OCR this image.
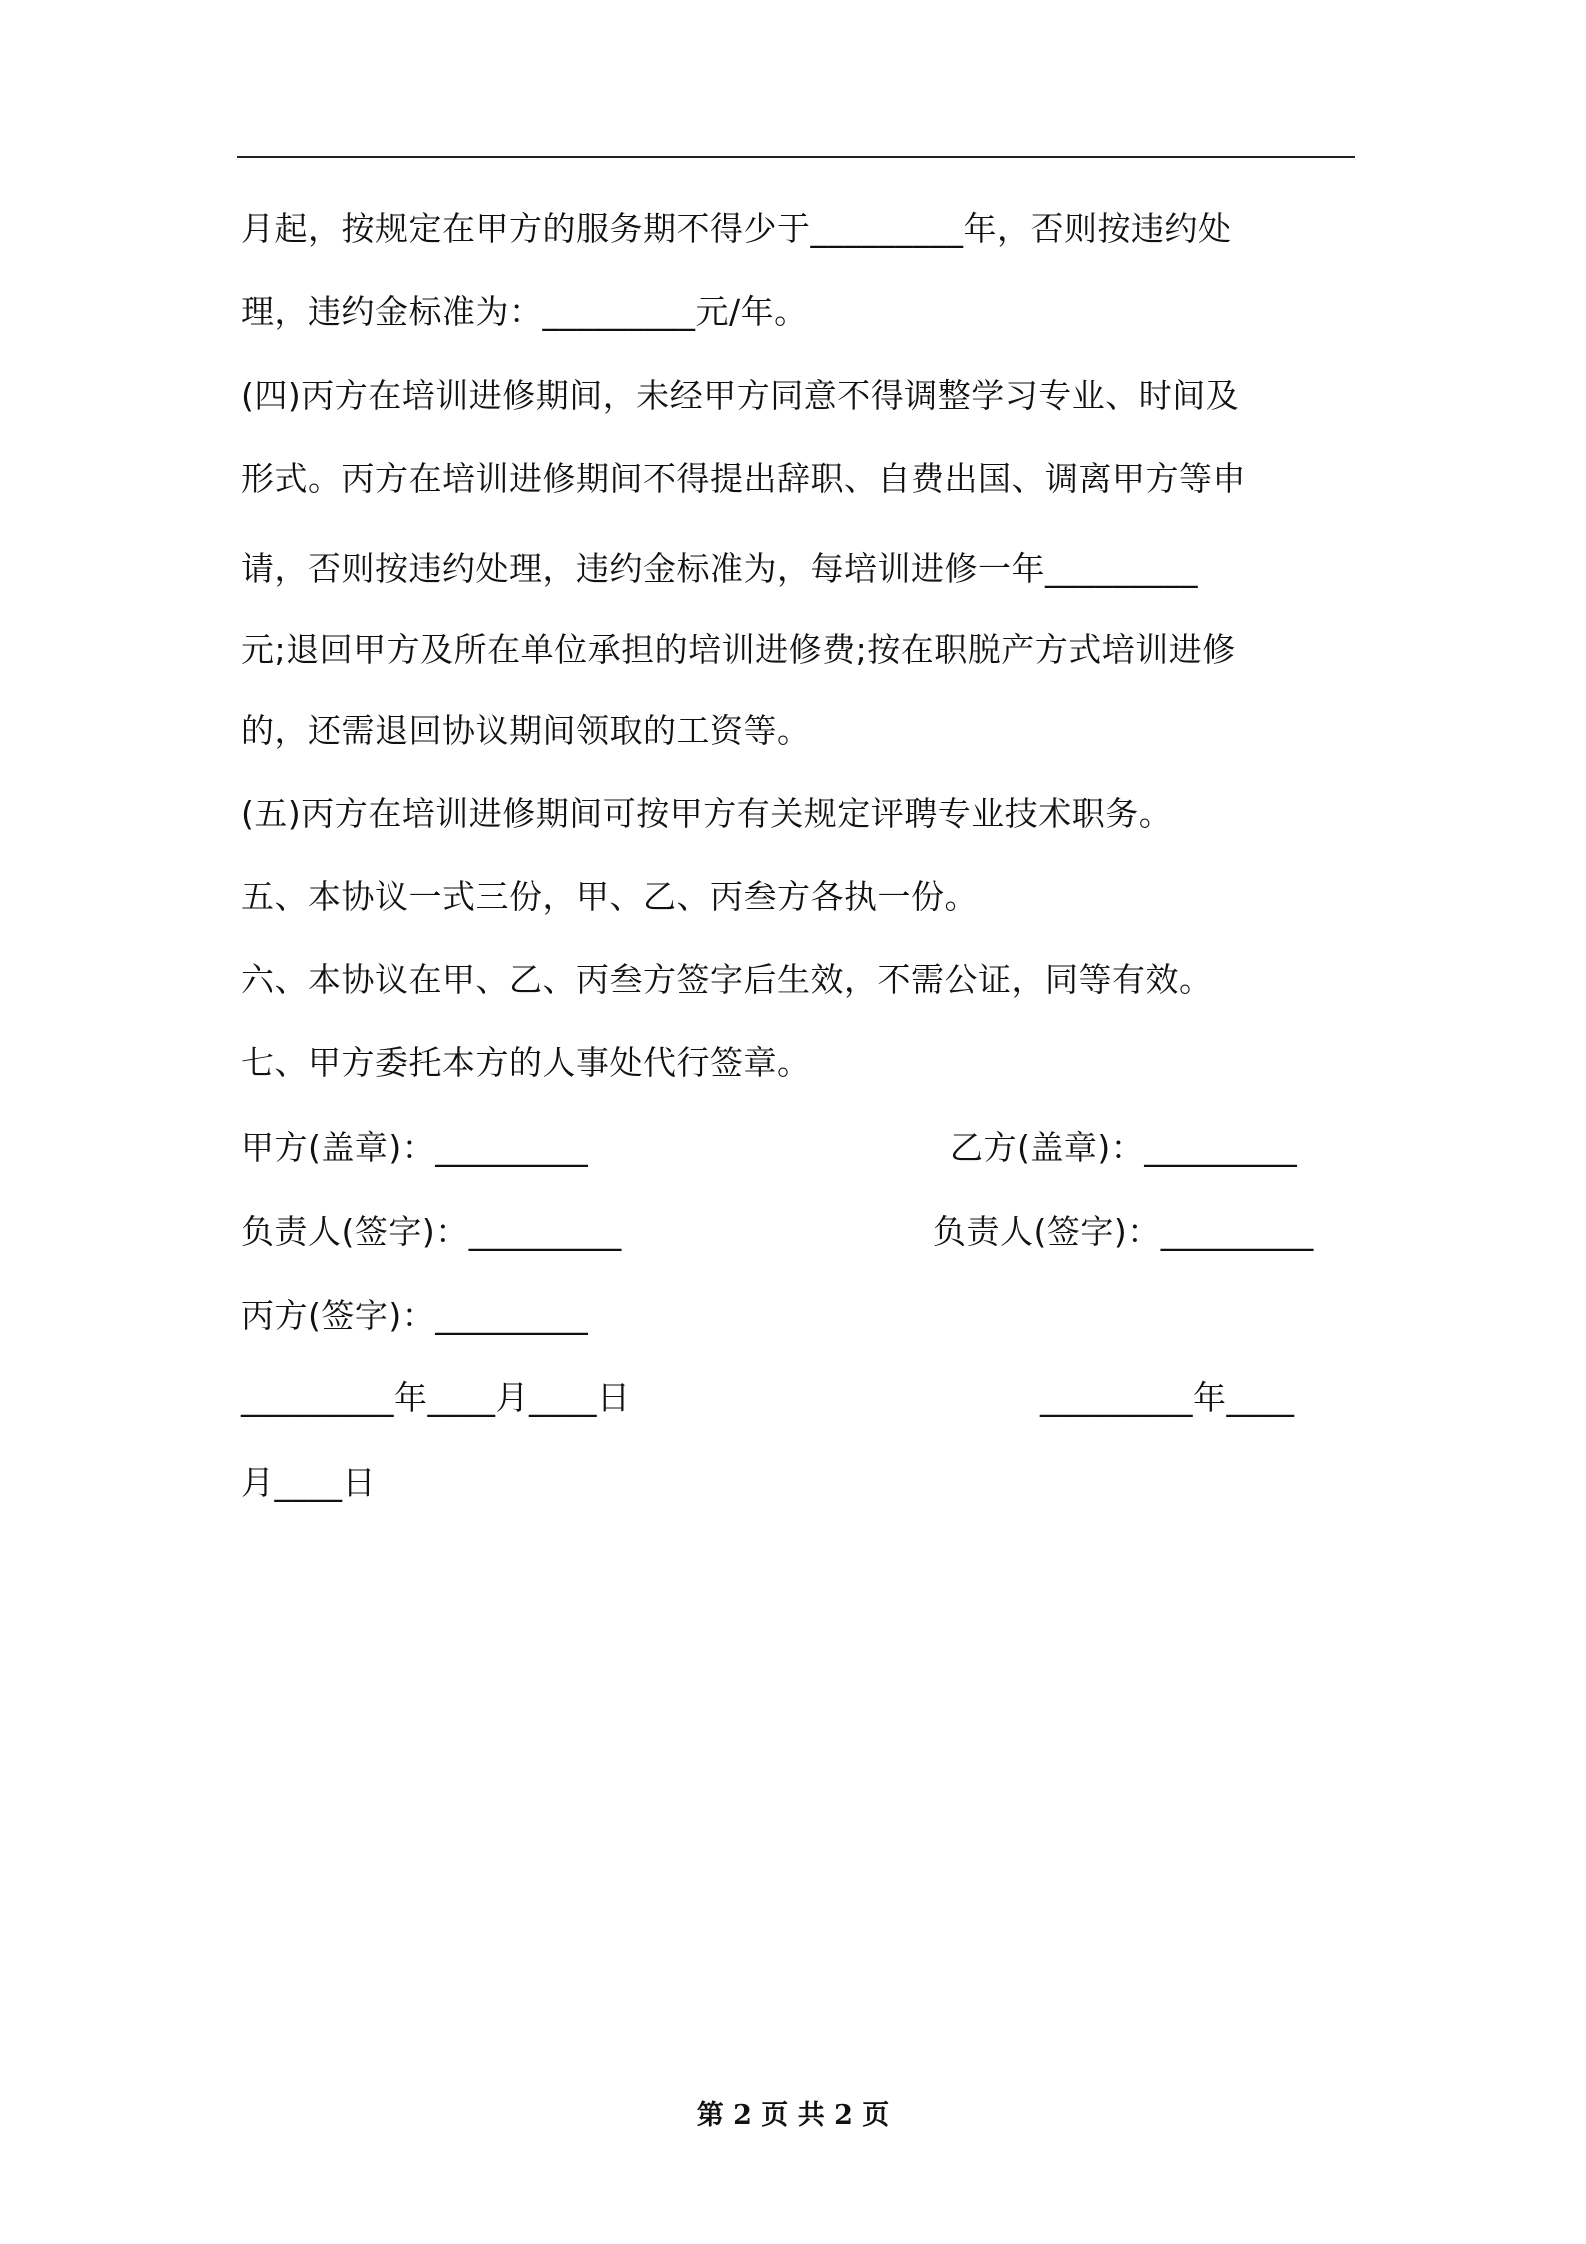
月起，按规定在甲方的服务期不得少于_________年，否则按违约处

理，违约金标准为：_________元/年。

(四)丙方在培训进修期间，未经甲方同意不得调整学习专业、时间及

形式。丙方在培训进修期间不得提出辞职、自费出国、调离甲方等申

请，否则按违约处理，违约金标准为，每培训进修一年_________

元;退回甲方及所在单位承担的培训进修费;按在职脱产方式培训进修

的，还需退回协议期间领取的工资等。

(五)丙方在培训进修期间可按甲方有关规定评聘专业技术职务。

五、本协议一式三份，甲、乙、丙叁方各执一份。

六、本协议在甲、乙、丙叁方签字后生效，不需公证，同等有效。

七、甲方委托本方的人事处代行签章。

甲方(盖章)：_________	乙方(盖章)：_________

负责人(签字)：_________	负责人(签字)：_________

丙方(签字)：_________

_________年____月____日	_________年____

月____日

第 2 页 共 2 页
